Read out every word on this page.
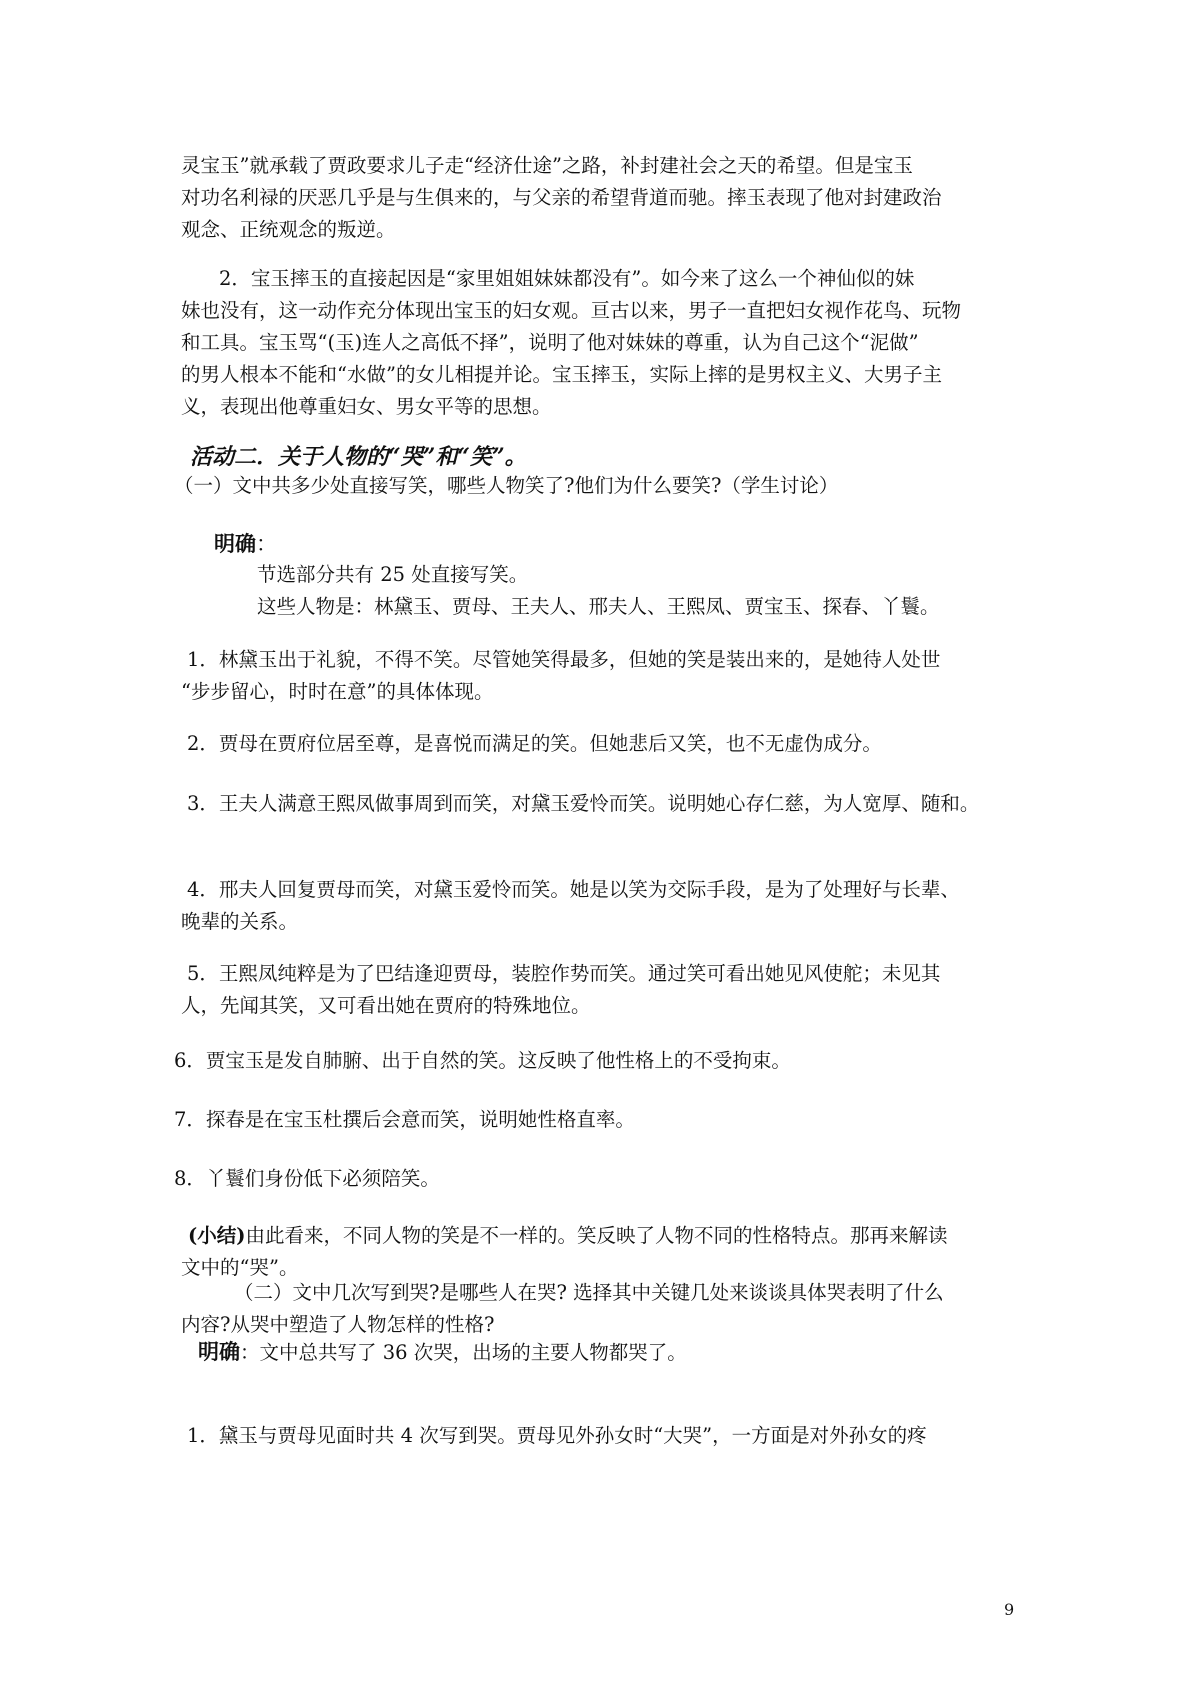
灵宝玉”就承载了贾政要求儿子走“经济仕途”之路，补封建社会之天的希望。但是宝玉
对功名利禄的厌恶几乎是与生俱来的，与父亲的希望背道而驰。摔玉表现了他对封建政治
观念、正统观念的叛逆。

2．宝玉摔玉的直接起因是“家里姐姐妹妹都没有”。如今来了这么一个神仙似的妹
妹也没有，这一动作充分体现出宝玉的妇女观。亘古以来，男子一直把妇女视作花鸟、玩物
和工具。宝玉骂“(玉)连人之高低不择”，说明了他对妹妹的尊重，认为自己这个“泥做”
的男人根本不能和“水做”的女儿相提并论。宝玉摔玉，实际上摔的是男权主义、大男子主
义，表现出他尊重妇女、男女平等的思想。

活动二．关于人物的“哭”和“笑”。

（一）文中共多少处直接写笑，哪些人物笑了?他们为什么要笑?（学生讨论）

明确：

节选部分共有 25 处直接写笑。
这些人物是：林黛玉、贾母、王夫人、邢夫人、王熙凤、贾宝玉、探春、丫鬟。

1．林黛玉出于礼貌，不得不笑。尽管她笑得最多，但她的笑是装出来的，是她待人处世
“步步留心，时时在意”的具体体现。

2．贾母在贾府位居至尊，是喜悦而满足的笑。但她悲后又笑，也不无虚伪成分。

3．王夫人满意王熙凤做事周到而笑，对黛玉爱怜而笑。说明她心存仁慈，为人宽厚、随和。

4．邢夫人回复贾母而笑，对黛玉爱怜而笑。她是以笑为交际手段，是为了处理好与长辈、
晚辈的关系。

5．王熙凤纯粹是为了巴结逢迎贾母，装腔作势而笑。通过笑可看出她见风使舵；未见其
人，先闻其笑，又可看出她在贾府的特殊地位。

6．贾宝玉是发自肺腑、出于自然的笑。这反映了他性格上的不受拘束。

7．探春是在宝玉杜撰后会意而笑，说明她性格直率。

8．丫鬟们身份低下必须陪笑。

(小结)由此看来，不同人物的笑是不一样的。笑反映了人物不同的性格特点。那再来解读
文中的“哭”。

（二）文中几次写到哭?是哪些人在哭? 选择其中关键几处来谈谈具体哭表明了什么
内容?从哭中塑造了人物怎样的性格?

明确：文中总共写了 36 次哭，出场的主要人物都哭了。

1．黛玉与贾母见面时共 4 次写到哭。贾母见外孙女时“大哭”，一方面是对外孙女的疼

9
